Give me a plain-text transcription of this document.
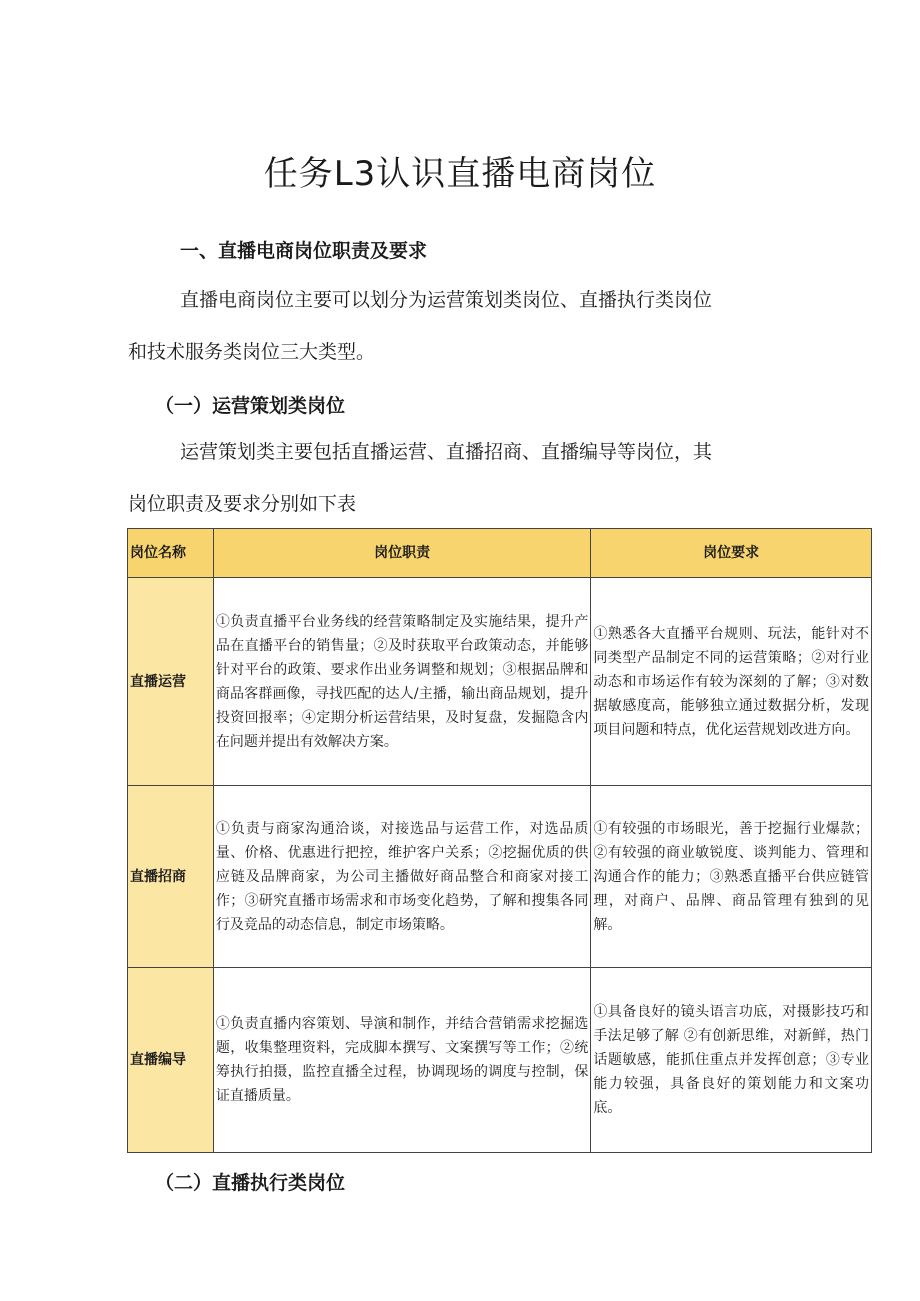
任务L3认识直播电商岗位
一、直播电商岗位职责及要求
直播电商岗位主要可以划分为运营策划类岗位、直播执行类岗位
和技术服务类岗位三大类型。
（一）运营策划类岗位
运营策划类主要包括直播运营、直播招商、直播编导等岗位，其
岗位职责及要求分别如下表
岗位名称	岗位职责	岗位要求
直播运营	①负责直播平台业务线的经营策略制定及实施结果，提升产品在直播平台的销售量；②及时获取平台政策动态，并能够针对平台的政策、要求作出业务调整和规划；③根据品牌和商品客群画像，寻找匹配的达人/主播，输出商品规划，提升投资回报率；④定期分析运营结果，及时复盘，发掘隐含内在问题并提出有效解决方案。	①熟悉各大直播平台规则、玩法，能针对不同类型产品制定不同的运营策略；②对行业动态和市场运作有较为深刻的了解；③对数据敏感度高，能够独立通过数据分析，发现项目问题和特点，优化运营规划改进方向。
直播招商	①负责与商家沟通洽谈，对接选品与运营工作，对选品质量、价格、优惠进行把控，维护客户关系；②挖掘优质的供应链及品牌商家，为公司主播做好商品整合和商家对接工作；③研究直播市场需求和市场变化趋势，了解和搜集各同行及竞品的动态信息，制定市场策略。	①有较强的市场眼光，善于挖掘行业爆款；②有较强的商业敏锐度、谈判能力、管理和沟通合作的能力；③熟悉直播平台供应链管理，对商户、品牌、商品管理有独到的见解。
直播编导	①负责直播内容策划、导演和制作，并结合营销需求挖掘选题，收集整理资料，完成脚本撰写、文案撰写等工作；②统筹执行拍摄，监控直播全过程，协调现场的调度与控制，保证直播质量。	①具备良好的镜头语言功底，对摄影技巧和手法足够了解 ②有创新思维，对新鲜，热门话题敏感，能抓住重点并发挥创意；③专业能力较强，具备良好的策划能力和文案功底。
（二）直播执行类岗位
